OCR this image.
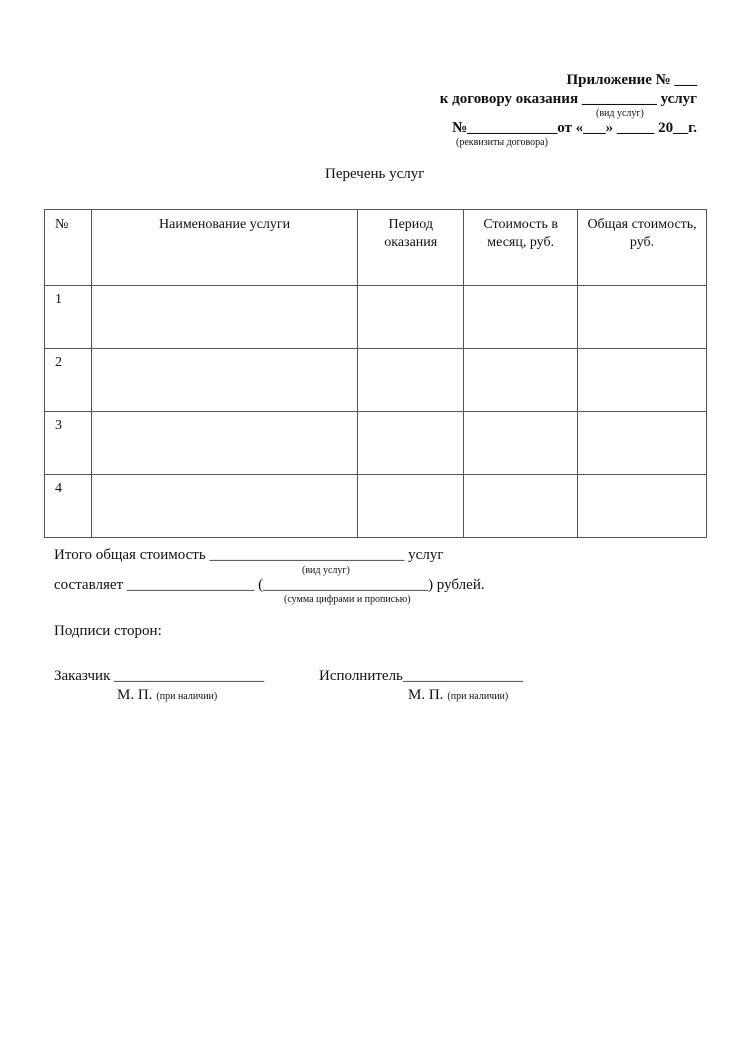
Приложение № ___
к договору оказания __________ услуг
(вид услуг)
№____________от «___» _____ 20__г.
(реквизиты договора)
Перечень услуг
№	Наименование услуги	Период оказания	Стоимость в месяц, руб.	Общая стоимость, руб.
1				
2				
3				
4				
Итого общая стоимость __________________________ услуг
(вид услуг)
составляет _________________ (______________________) рублей.
(сумма цифрами и прописью)
Подписи сторон:
Заказчик ____________________	Исполнитель________________
М. П. (при наличии)	М. П. (при наличии)
